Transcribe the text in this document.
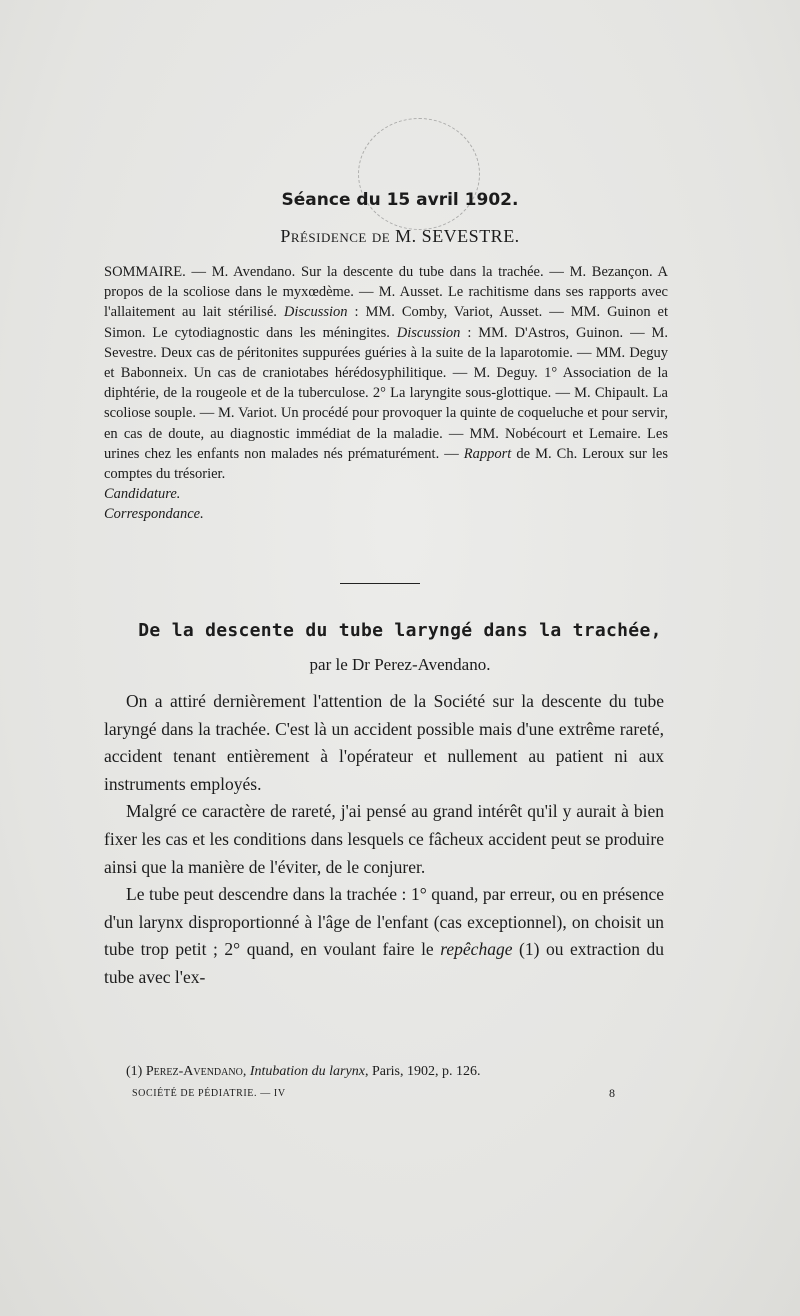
Séance du 15 avril 1902.
Présidence de M. SEVESTRE.

SOMMAIRE. — M. Avendano. Sur la descente du tube dans la trachée. — M. Bezançon. A propos de la scoliose dans le myxœdème. — M. Ausset. Le rachitisme dans ses rapports avec l'allaitement au lait stérilisé. Discussion : MM. Comby, Variot, Ausset. — MM. Guinon et Simon. Le cytodiagnostic dans les méningites. Discussion : MM. D'Astros, Guinon. — M. Sevestre. Deux cas de péritonites suppurées guéries à la suite de la laparotomie. — MM. Deguy et Babonneix. Un cas de craniotabes hérédosyphilitique. — M. Deguy. 1° Association de la diphtérie, de la rougeole et de la tuberculose. 2° La laryngite sous-glottique. — M. Chipault. La scoliose souple. — M. Variot. Un procédé pour provoquer la quinte de coqueluche et pour servir, en cas de doute, au diagnostic immédiat de la maladie. — MM. Nobécourt et Lemaire. Les urines chez les enfants non malades nés prématurément. — Rapport de M. Ch. Leroux sur les comptes du trésorier.

Candidature.

Correspondance.

De la descente du tube laryngé dans la trachée,
par le Dr Perez-Avendano.

On a attiré dernièrement l'attention de la Société sur la descente du tube laryngé dans la trachée. C'est là un accident possible mais d'une extrême rareté, accident tenant entièrement à l'opérateur et nullement au patient ni aux instruments employés.

Malgré ce caractère de rareté, j'ai pensé au grand intérêt qu'il y aurait à bien fixer les cas et les conditions dans lesquels ce fâcheux accident peut se produire ainsi que la manière de l'éviter, de le conjurer.

Le tube peut descendre dans la trachée : 1° quand, par erreur, ou en présence d'un larynx disproportionné à l'âge de l'enfant (cas exceptionnel), on choisit un tube trop petit ; 2° quand, en voulant faire le repêchage (1) ou extraction du tube avec l'ex-

(1) Perez-Avendano, Intubation du larynx, Paris, 1902, p. 126.
SOCIÉTÉ DE PÉDIATRIE. — IV	8
